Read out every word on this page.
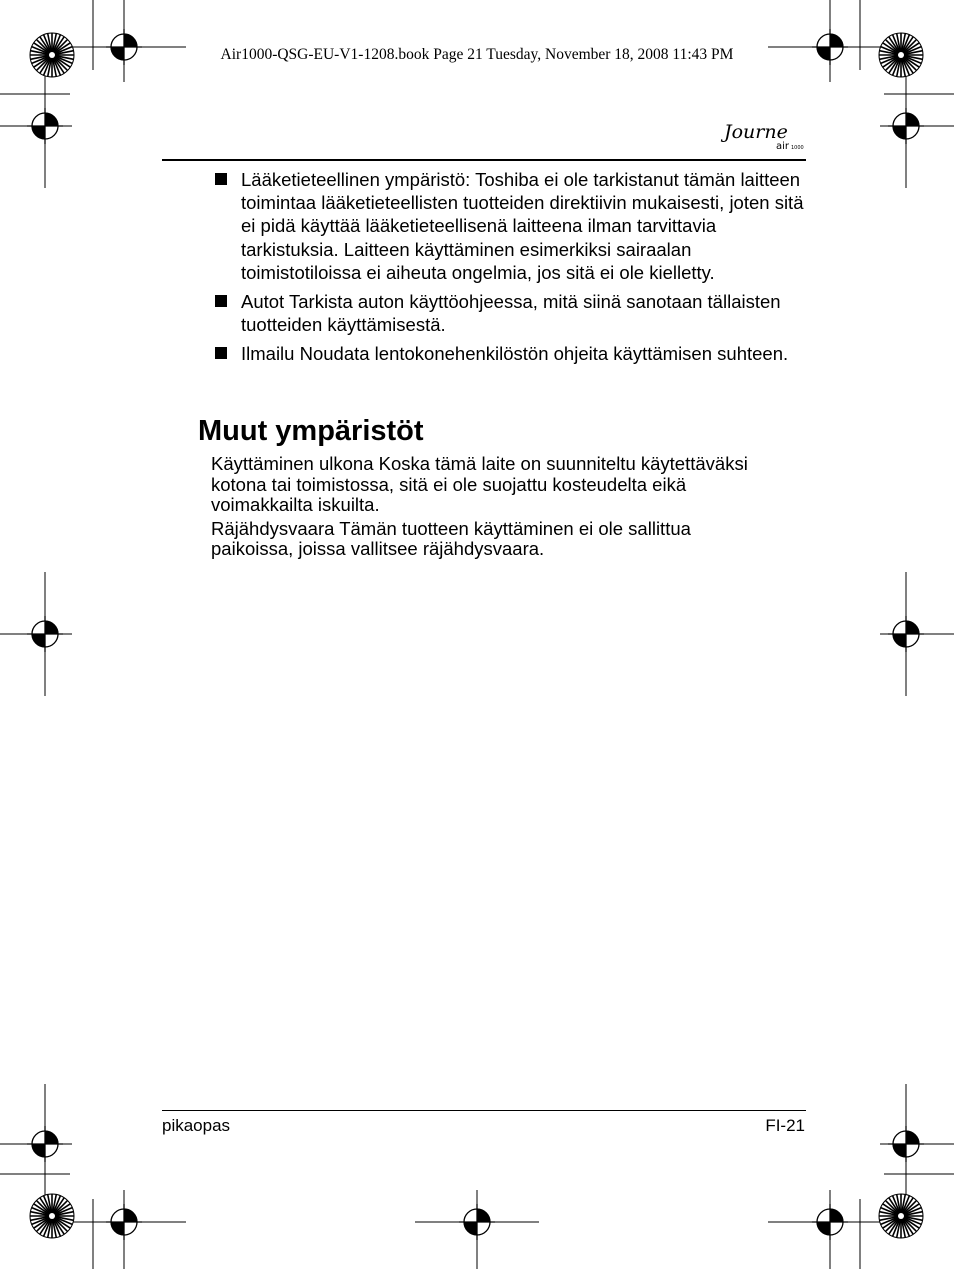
Air1000-QSG-EU-V1-1208.book Page 21 Tuesday, November 18, 2008 11:43 PM
Journe
air 1000
Lääketieteellinen ympäristö: Toshiba ei ole tarkistanut tämän laitteen toimintaa lääketieteellisten tuotteiden direktiivin mukaisesti, joten sitä ei pidä käyttää lääketieteellisenä laitteena ilman tarvittavia tarkistuksia. Laitteen käyttäminen esimerkiksi sairaalan toimistotiloissa ei aiheuta ongelmia, jos sitä ei ole kielletty.
Autot Tarkista auton käyttöohjeessa, mitä siinä sanotaan tällaisten tuotteiden käyttämisestä.
Ilmailu Noudata lentokonehenkilöstön ohjeita käyttämisen suhteen.
Muut ympäristöt

Käyttäminen ulkona Koska tämä laite on suunniteltu käytettäväksi kotona tai toimistossa, sitä ei ole suojattu kosteudelta eikä voimakkailta iskuilta.

Räjähdysvaara Tämän tuotteen käyttäminen ei ole sallittua paikoissa, joissa vallitsee räjähdysvaara.

pikaopas	FI-21
